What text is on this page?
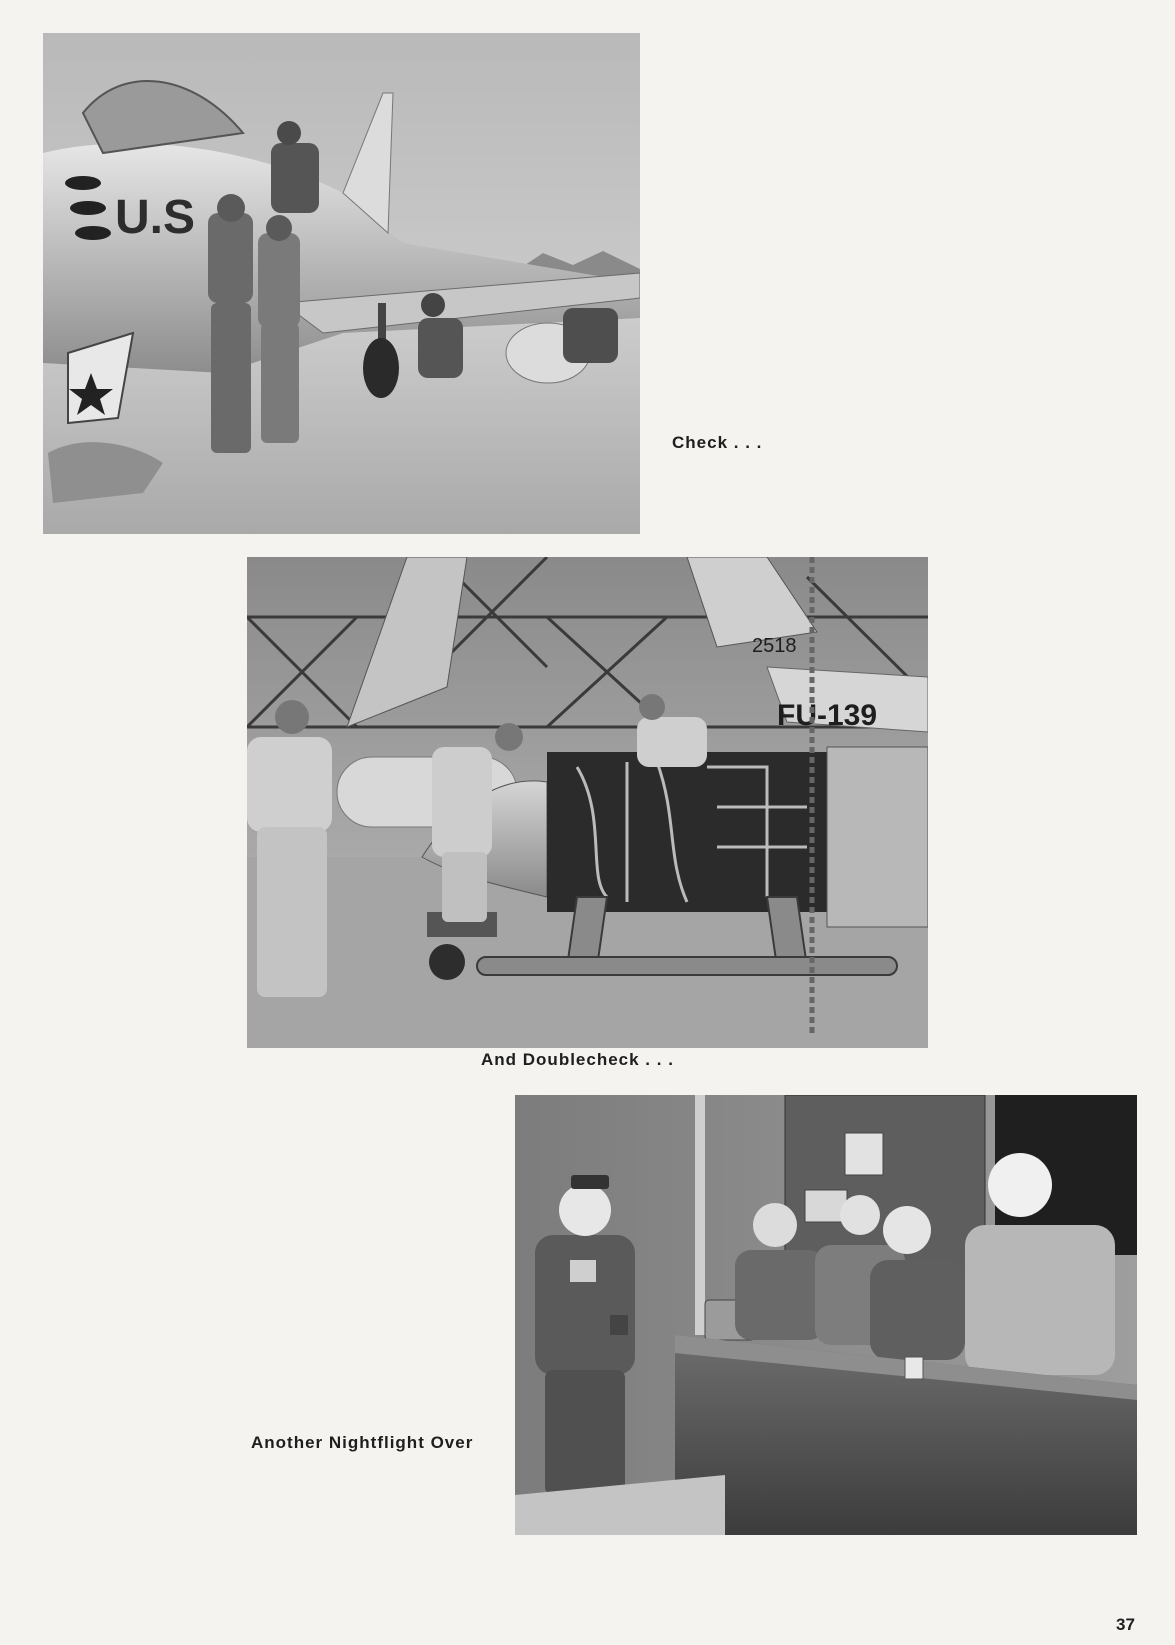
U.S

Check . . .

2518
FU-139

And Doublecheck . . .

Another Nightflight Over

37
